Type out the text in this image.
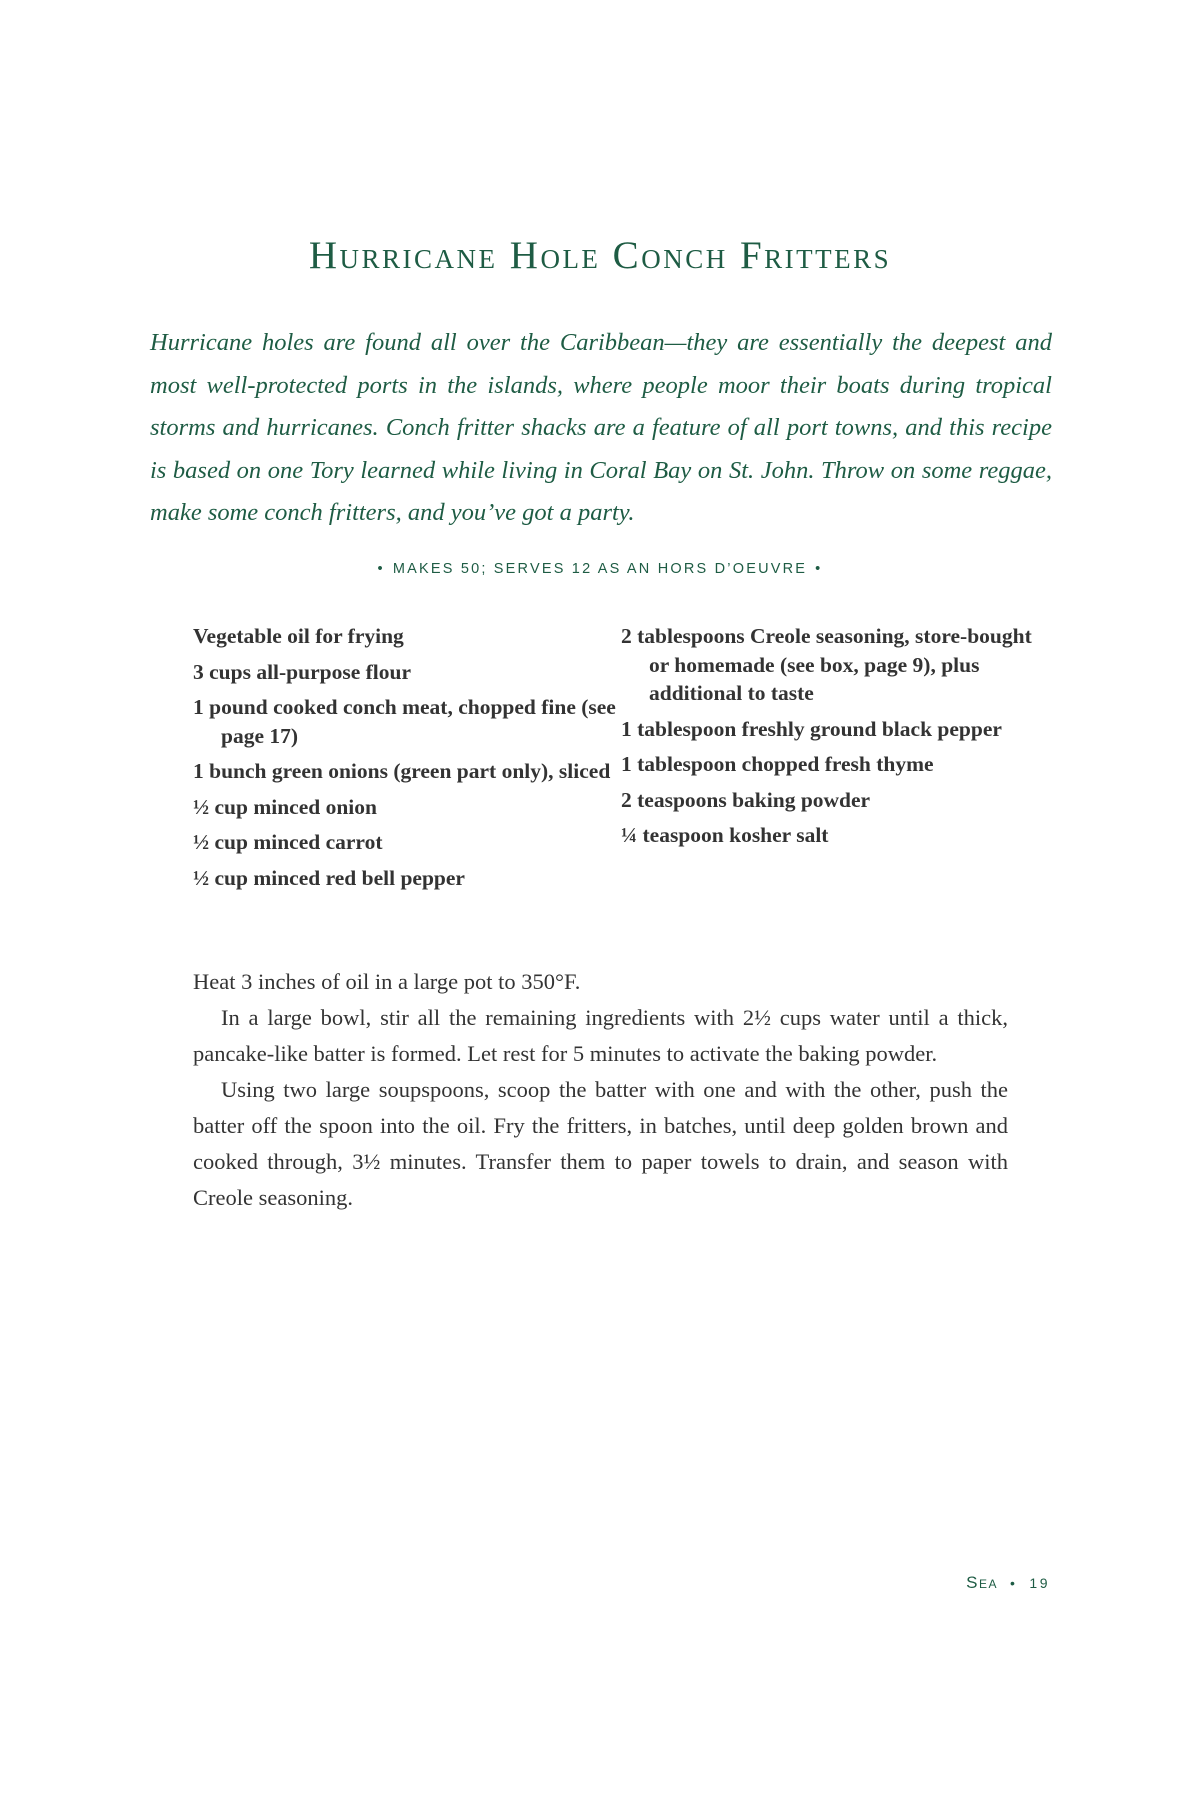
Hurricane Hole Conch Fritters

Hurricane holes are found all over the Caribbean—they are essentially the deepest and most well-protected ports in the islands, where people moor their boats during tropical storms and hurricanes. Conch fritter shacks are a feature of all port towns, and this recipe is based on one Tory learned while living in Coral Bay on St. John. Throw on some reggae, make some conch fritters, and you’ve got a party.

• MAKES 50; SERVES 12 AS AN HORS D’OEUVRE •

Vegetable oil for frying
3 cups all-purpose flour
1 pound cooked conch meat, chopped fine (see page 17)
1 bunch green onions (green part only), sliced
½ cup minced onion
½ cup minced carrot
½ cup minced red bell pepper
2 tablespoons Creole seasoning, store-bought or homemade (see box, page 9), plus additional to taste
1 tablespoon freshly ground black pepper
1 tablespoon chopped fresh thyme
2 teaspoons baking powder
¼ teaspoon kosher salt

Heat 3 inches of oil in a large pot to 350°F.

In a large bowl, stir all the remaining ingredients with 2½ cups water until a thick, pancake-like batter is formed. Let rest for 5 minutes to activate the baking powder.

Using two large soupspoons, scoop the batter with one and with the other, push the batter off the spoon into the oil. Fry the fritters, in batches, until deep golden brown and cooked through, 3½ minutes. Transfer them to paper towels to drain, and season with Creole seasoning.

Sea • 19
